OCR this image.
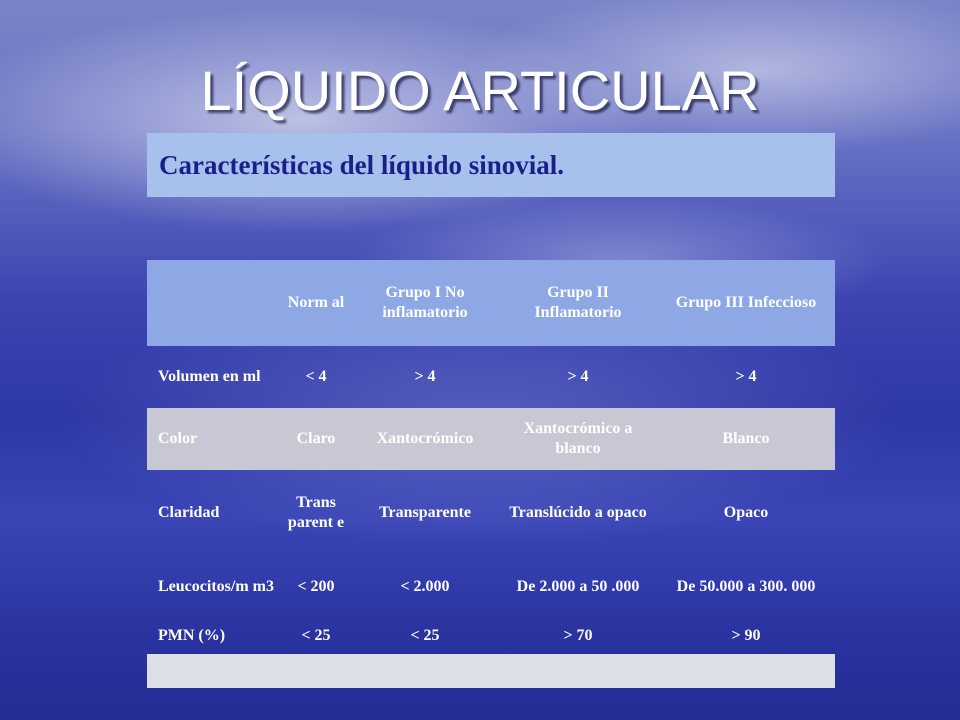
LÍQUIDO ARTICULAR
Características del líquido sinovial.
	Norm al	Grupo I No inflamatorio	Grupo II Inflamatorio	Grupo III Infeccioso
Volumen en ml	< 4	> 4	> 4	> 4
Color	Claro	Xantocrómico	Xantocrómico a blanco	Blanco
Claridad	Trans parent e	Transparente	Translúcido a opaco	Opaco
Leucocitos/m m3	< 200	< 2.000	De 2.000 a 50 .000	De 50.000 a 300. 000
PMN (%)	< 25	< 25	> 70	> 90
